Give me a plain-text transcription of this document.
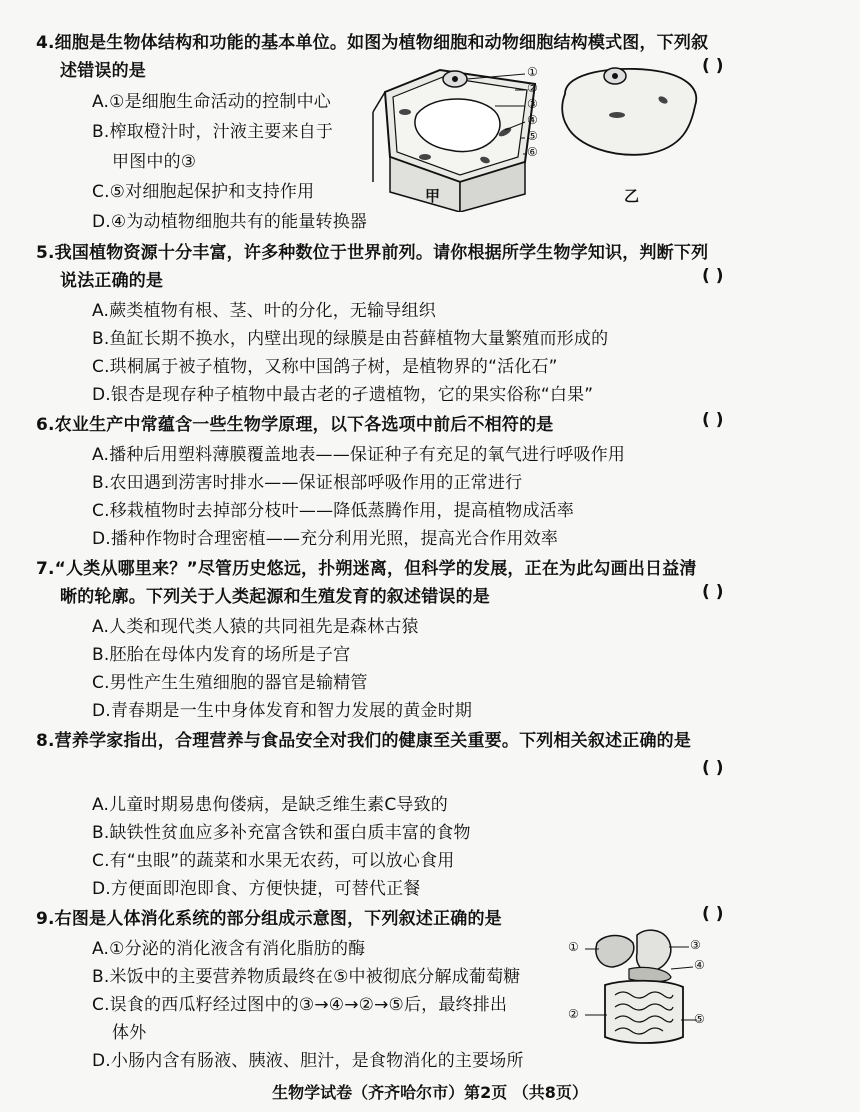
4.细胞是生物体结构和功能的基本单位。如图为植物细胞和动物细胞结构模式图，下列叙
述错误的是	( )
A.①是细胞生命活动的控制中心
B.榨取橙汁时，汁液主要来自于
甲图中的③
C.⑤对细胞起保护和支持作用
D.④为动植物细胞共有的能量转换器
①
②
③
④
⑤
⑥
甲	乙
5.我国植物资源十分丰富，许多种数位于世界前列。请你根据所学生物学知识，判断下列
说法正确的是	( )
A.蕨类植物有根、茎、叶的分化，无输导组织
B.鱼缸长期不换水，内壁出现的绿膜是由苔藓植物大量繁殖而形成的
C.珙桐属于被子植物，又称中国鸽子树，是植物界的“活化石”
D.银杏是现存种子植物中最古老的孑遗植物，它的果实俗称“白果”
6.农业生产中常蕴含一些生物学原理，以下各选项中前后不相符的是	( )
A.播种后用塑料薄膜覆盖地表——保证种子有充足的氧气进行呼吸作用
B.农田遇到涝害时排水——保证根部呼吸作用的正常进行
C.移栽植物时去掉部分枝叶——降低蒸腾作用，提高植物成活率
D.播种作物时合理密植——充分利用光照，提高光合作用效率
7.“人类从哪里来？”尽管历史悠远，扑朔迷离，但科学的发展，正在为此勾画出日益清
晰的轮廓。下列关于人类起源和生殖发育的叙述错误的是	( )
A.人类和现代类人猿的共同祖先是森林古猿
B.胚胎在母体内发育的场所是子宫
C.男性产生生殖细胞的器官是输精管
D.青春期是一生中身体发育和智力发展的黄金时期
8.营养学家指出，合理营养与食品安全对我们的健康至关重要。下列相关叙述正确的是
( )
A.儿童时期易患佝偻病，是缺乏维生素C导致的
B.缺铁性贫血应多补充富含铁和蛋白质丰富的食物
C.有“虫眼”的蔬菜和水果无农药，可以放心食用
D.方便面即泡即食、方便快捷，可替代正餐
9.右图是人体消化系统的部分组成示意图，下列叙述正确的是	( )
A.①分泌的消化液含有消化脂肪的酶
B.米饭中的主要营养物质最终在⑤中被彻底分解成葡萄糖
C.误食的西瓜籽经过图中的③→④→②→⑤后，最终排出
体外
D.小肠内含有肠液、胰液、胆汁，是食物消化的主要场所
①
②
③
④
⑤
生物学试卷（齐齐哈尔市）第2页 （共8页）
